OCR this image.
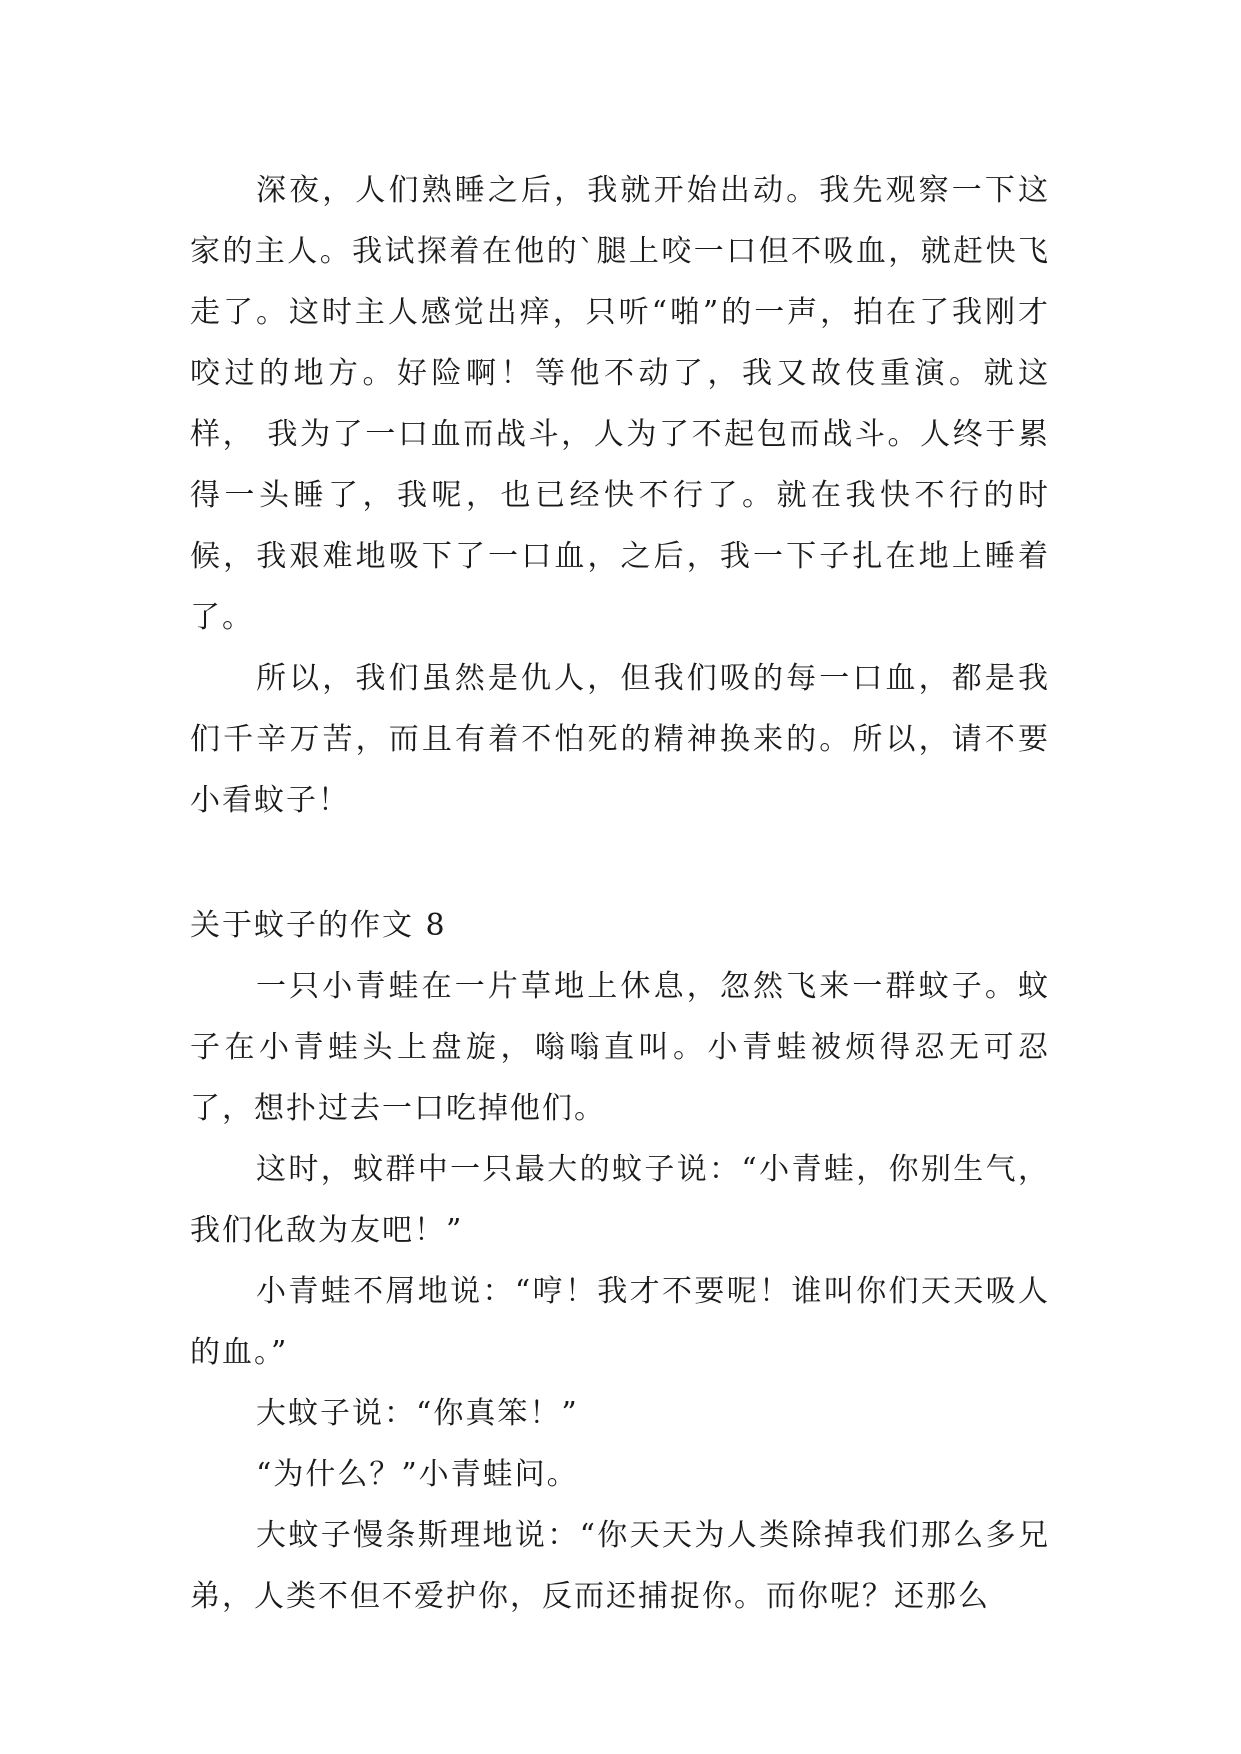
深夜，人们熟睡之后，我就开始出动。我先观察一下这家的主人。我试探着在他的`腿上咬一口但不吸血，就赶快飞走了。这时主人感觉出痒，只听“啪”的一声，拍在了我刚才咬过的地方。好险啊！等他不动了，我又故伎重演。就这样， 我为了一口血而战斗，人为了不起包而战斗。人终于累得一头睡了，我呢，也已经快不行了。就在我快不行的时候，我艰难地吸下了一口血，之后，我一下子扎在地上睡着了。

所以，我们虽然是仇人，但我们吸的每一口血，都是我们千辛万苦，而且有着不怕死的精神换来的。所以，请不要小看蚊子！

关于蚊子的作文 8

一只小青蛙在一片草地上休息，忽然飞来一群蚊子。蚊子在小青蛙头上盘旋，嗡嗡直叫。小青蛙被烦得忍无可忍了，想扑过去一口吃掉他们。

这时，蚊群中一只最大的蚊子说：“小青蛙，你别生气，我们化敌为友吧！”

小青蛙不屑地说：“哼！我才不要呢！谁叫你们天天吸人的血。”

大蚊子说：“你真笨！”

“为什么？”小青蛙问。

大蚊子慢条斯理地说：“你天天为人类除掉我们那么多兄弟，人类不但不爱护你，反而还捕捉你。而你呢？还那么
